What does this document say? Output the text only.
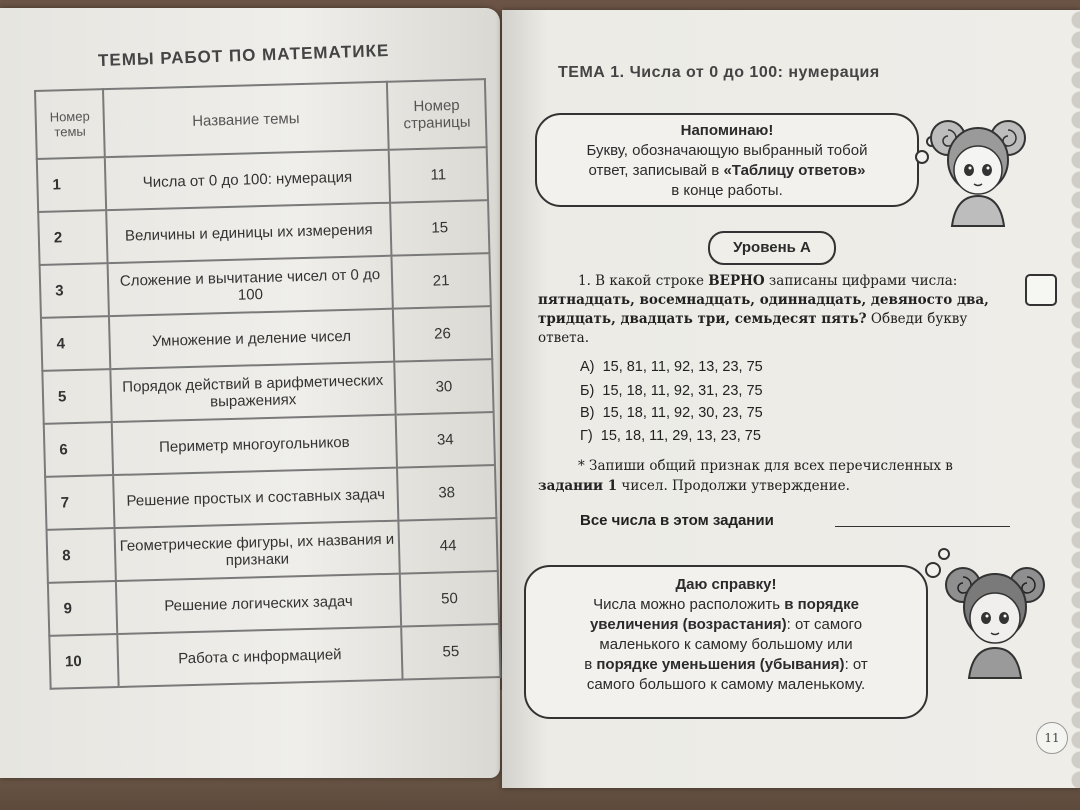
ТЕМЫ РАБОТ ПО МАТЕМАТИКЕ
Номер темы	Название темы	Номер страницы
1	Числа от 0 до 100: нумерация	11
2	Величины и единицы их измерения	15
3	Сложение и вычитание чисел от 0 до 100	21
4	Умножение и деление чисел	26
5	Порядок действий в арифметических выражениях	30
6	Периметр многоугольников	34
7	Решение простых и составных задач	38
8	Геометрические фигуры, их названия и признаки	44
9	Решение логических задач	50
10	Работа с информацией	55
ТЕМА 1. Числа от 0 до 100: нумерация
Напоминаю!
Букву, обозначающую выбранный тобой
ответ, записывай в «Таблицу ответов»
в конце работы.
Уровень А
1. В какой строке ВЕРНО записаны цифрами числа: пятнадцать, восемнадцать, одиннадцать, девяносто два, тридцать, двадцать три, семьдесят пять? Обведи букву ответа.
А) 15, 81, 11, 92, 13, 23, 75
Б) 15, 18, 11, 92, 31, 23, 75
В) 15, 18, 11, 92, 30, 23, 75
Г) 15, 18, 11, 29, 13, 23, 75
* Запиши общий признак для всех перечисленных в задании 1 чисел. Продолжи утверждение.
Все числа в этом задании
Даю справку!
Числа можно расположить в порядке
увеличения (возрастания): от самого
маленького к самому большому или
в порядке уменьшения (убывания): от
самого большого к самому маленькому.
11
